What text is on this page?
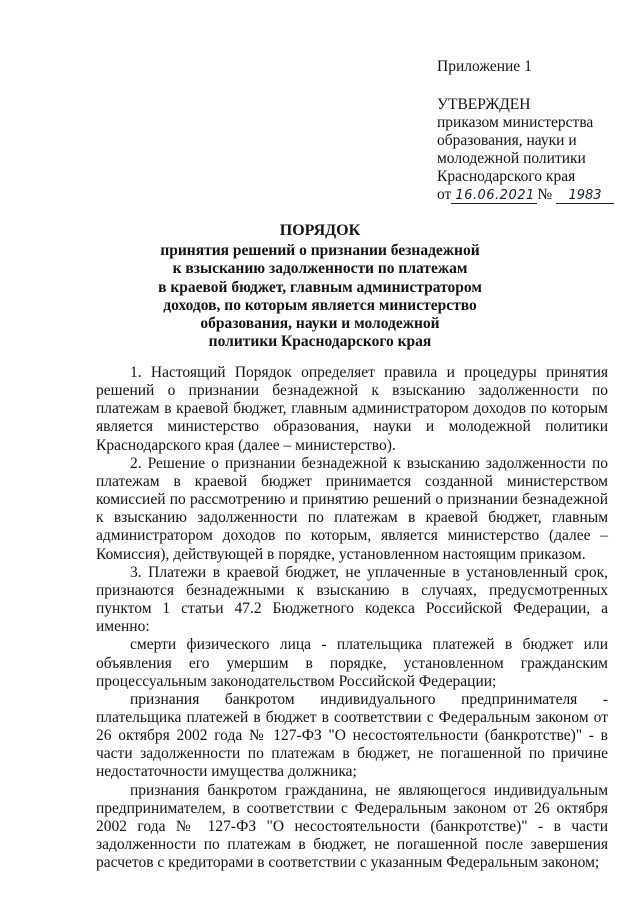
Приложение 1
УТВЕРЖДЕН
приказом министерства
образования, науки и
молодежной политики
Краснодарского края
от 16.06.2021 № 1983
ПОРЯДОК
принятия решений о признании безнадежной
к взысканию задолженности по платежам
в краевой бюджет, главным администратором
доходов, по которым является министерство
образования, науки и молодежной
политики Краснодарского края

1. Настоящий Порядок определяет правила и процедуры принятия решений о признании безнадежной к взысканию задолженности по платежам в краевой бюджет, главным администратором доходов по которым является министерство образования, науки и молодежной политики Краснодарского края (далее – министерство).

2. Решение о признании безнадежной к взысканию задолженности по платежам в краевой бюджет принимается созданной министерством комиссией по рассмотрению и принятию решений о признании безнадежной к взысканию задолженности по платежам в краевой бюджет, главным администратором доходов по которым, является министерство (далее – Комиссия), действующей в порядке, установленном настоящим приказом.

3. Платежи в краевой бюджет, не уплаченные в установленный срок, признаются безнадежными к взысканию в случаях, предусмотренных пунктом 1 статьи 47.2 Бюджетного кодекса Российской Федерации, а именно:

смерти физического лица - плательщика платежей в бюджет или объявления его умершим в порядке, установленном гражданским процессуальным законодательством Российской Федерации;

признания банкротом индивидуального предпринимателя - плательщика платежей в бюджет в соответствии с Федеральным законом от 26 октября 2002 года № 127-ФЗ "О несостоятельности (банкротстве)" - в части задолженности по платежам в бюджет, не погашенной по причине недостаточности имущества должника;

признания банкротом гражданина, не являющегося индивидуальным предпринимателем, в соответствии с Федеральным законом от 26 октября 2002 года № 127-ФЗ "О несостоятельности (банкротстве)" - в части задолженности по платежам в бюджет, не погашенной после завершения расчетов с кредиторами в соответствии с указанным Федеральным законом;
